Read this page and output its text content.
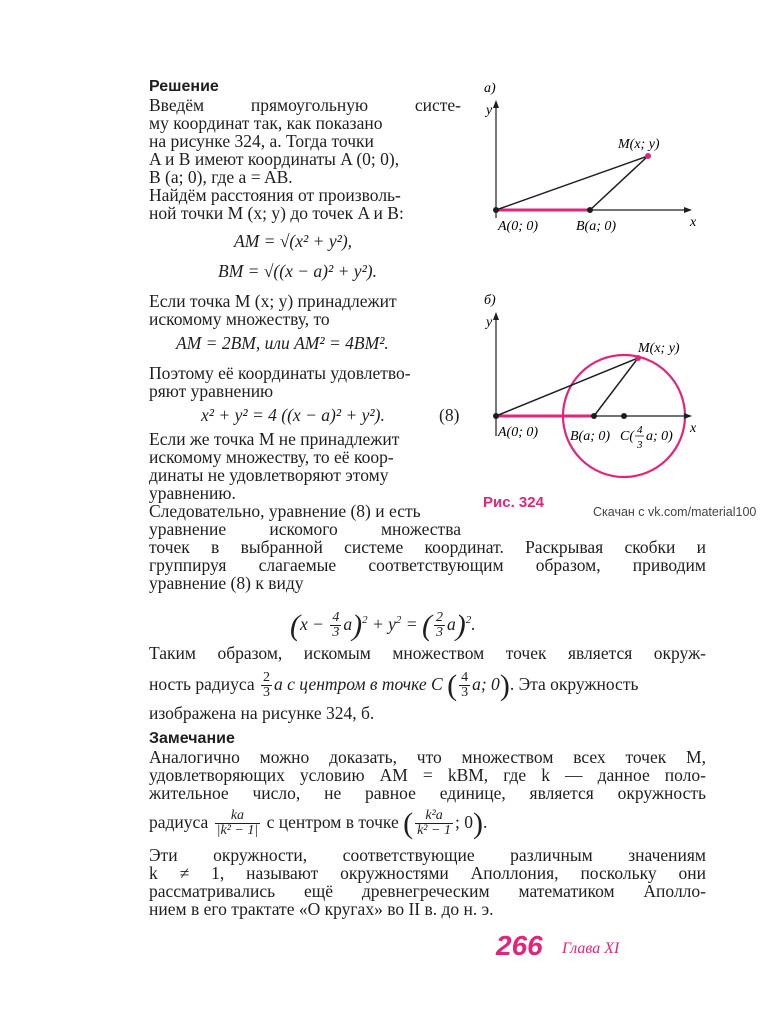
Решение
Введём прямоугольную систе-
му координат так, как показано
на рисунке 324, а. Тогда точки
A и B имеют координаты A (0; 0),
B (a; 0), где a = AB.
Найдём расстояния от произволь-
ной точки M (x; y) до точек A и B:
AM = √(x² + y²),
BM = √((x − a)² + y²).
Если точка M (x; y) принадлежит
искомому множеству, то
AM = 2BM, или AM² = 4BM².
Поэтому её координаты удовлетво-
ряют уравнению
x² + y² = 4 ((x − a)² + y²).	(8)
Если же точка M не принадлежит
искомому множеству, то её коор-
динаты не удовлетворяют этому
уравнению.
Следовательно, уравнение (8) и есть
уравнение искомого множества
точек в выбранной системе координат. Раскрывая скобки и
группируя слагаемые соответствующим образом, приводим
уравнение (8) к виду
$(x - \frac{4}{3} a)^2 + y^2$ = ( $\frac{2}{3} a)^2$.
Таким образом, искомым множеством точек является окруж-
ность радиуса $\frac{2}{3}$ a с центром в точке C ( $\frac{4}{3} a$; 0). Эта окружность
изображена на рисунке 324, б.
Замечание
Аналогично можно доказать, что множеством всех точек M,
удовлетворяющих условию AM = kBM, где k — данное поло-
жительное число, не равное единице, является окружность
радиуса $\frac{ka}{\text{|k² − 1|}}$ с центром в точке ( $\frac{\text{k²a}}{\text{k² − 1}}$ ; 0).
Эти окружности, соответствующие различным значениям
k ≠ 1, называют окружностями Аполлония, поскольку они
рассматривались ещё древнегреческим математиком Аполло-
нием в его трактате «О кругах» во II в. до н. э.
а)
y
x
M(x; y)
A(0; 0)	B(a; 0)
б)
y
x
M(x; y)
A(0; 0) B(a; 0) C( 4
3
a; 0)
Рис. 324
Скачан с vk.com/material100
266 Глава XI
